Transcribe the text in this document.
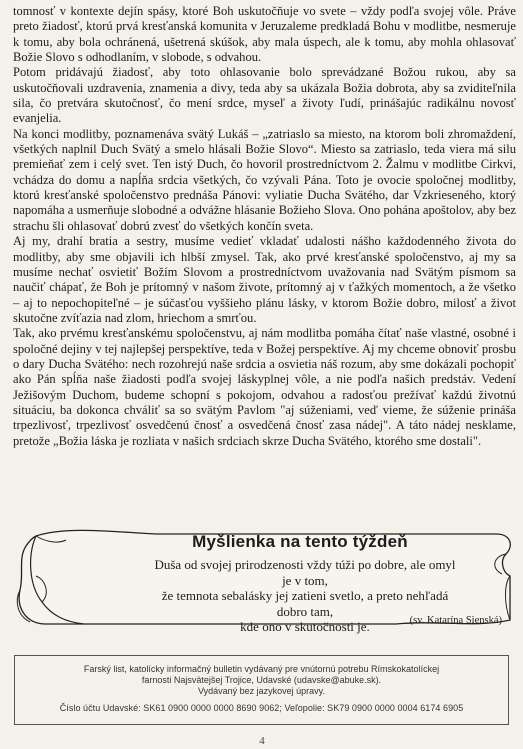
tomnosť v kontexte dejín spásy, ktoré Boh uskutočňuje vo svete – vždy podľa svojej vôle. Práve preto žiadosť, ktorú prvá kresťanská komunita v Jeruzaleme predkladá Bohu v modlitbe, nesmeruje k tomu, aby bola ochránená, ušetrená skúšok, aby mala úspech, ale k tomu, aby mohla ohlasovať Božie Slovo s odhodlaním, v slobode, s odvahou.

Potom pridávajú žiadosť, aby toto ohlasovanie bolo sprevádzané Božou rukou, aby sa uskutočňovali uzdravenia, znamenia a divy, teda aby sa ukázala Božia dobrota, aby sa zviditeľnila sila, čo pretvára skutočnosť, čo mení srdce, myseľ a životy ľudí, prinášajúc radikálnu novosť evanjelia.

Na konci modlitby, poznamenáva svätý Lukáš – „zatriaslo sa miesto, na ktorom boli zhromaždení, všetkých naplnil Duch Svätý a smelo hlásali Božie Slovo“. Miesto sa zatriaslo, teda viera má silu premieňať zem i celý svet. Ten istý Duch, čo hovoril prostredníctvom 2. Žalmu v modlitbe Cirkvi, vchádza do domu a napĺňa srdcia všetkých, čo vzývali Pána. Toto je ovocie spoločnej modlitby, ktorú kresťanské spoločenstvo prednáša Pánovi: vyliatie Ducha Svätého, dar Vzkrieseného, ktorý napomáha a usmerňuje slobodné a odvážne hlásanie Božieho Slova. Ono pohána apoštolov, aby bez strachu šli ohlasovať dobrú zvesť do všetkých končín sveta.

Aj my, drahí bratia a sestry, musíme vedieť vkladať udalosti nášho každodenného života do modlitby, aby sme objavili ich hlbší zmysel. Tak, ako prvé kresťanské spoločenstvo, aj my sa musíme nechať osvietiť Božím Slovom a prostredníctvom uvažovania nad Svätým písmom sa naučiť chápať, že Boh je prítomný v našom živote, prítomný aj v ťažkých momentoch, a že všetko – aj to nepochopiteľné – je súčasťou vyššieho plánu lásky, v ktorom Božie dobro, milosť a život skutočne zvíťazia nad zlom, hriechom a smrťou.

Tak, ako prvému kresťanskému spoločenstvu, aj nám modlitba pomáha čítať naše vlastné, osobné i spoločné dejiny v tej najlepšej perspektíve, teda v Božej perspektíve. Aj my chceme obnoviť prosbu o dary Ducha Svätého: nech rozohrejú naše srdcia a osvietia náš rozum, aby sme dokázali pochopiť ako Pán spĺňa naše žiadosti podľa svojej láskyplnej vôle, a nie podľa našich predstáv. Vedení Ježišovým Duchom, budeme schopní s pokojom, odvahou a radosťou prežívať každú životnú situáciu, ba dokonca chváliť sa so svätým Pavlom "aj súženiami, veď vieme, že súženie prináša trpezlivosť, trpezlivosť osvedčenú čnosť a osvedčená čnosť zasa nádej". A táto nádej nesklame, pretože „Božia láska je rozliata v našich srdciach skrze Ducha Svätého, ktorého sme dostali".

Myšlienka na tento týždeň
Duša od svojej prirodzenosti vždy túži po dobre, ale omyl je v tom,
že temnota sebalásky jej zatieni svetlo, a preto nehľadá dobro tam,
kde ono v skutočnosti je.	(sv. Katarína Sienská)
Farský list, katolícky informačný bulletin vydávaný pre vnútornú potrebu Rímskokatolíckej
farnosti Najsvätejšej Trojice, Udavské (udavske@abuke.sk).
Vydávaný bez jazykovej úpravy.
Číslo účtu Udavské: SK61 0900 0000 0000 8690 9062; Veľopolie: SK79 0900 0000 0004 6174 6905
4
